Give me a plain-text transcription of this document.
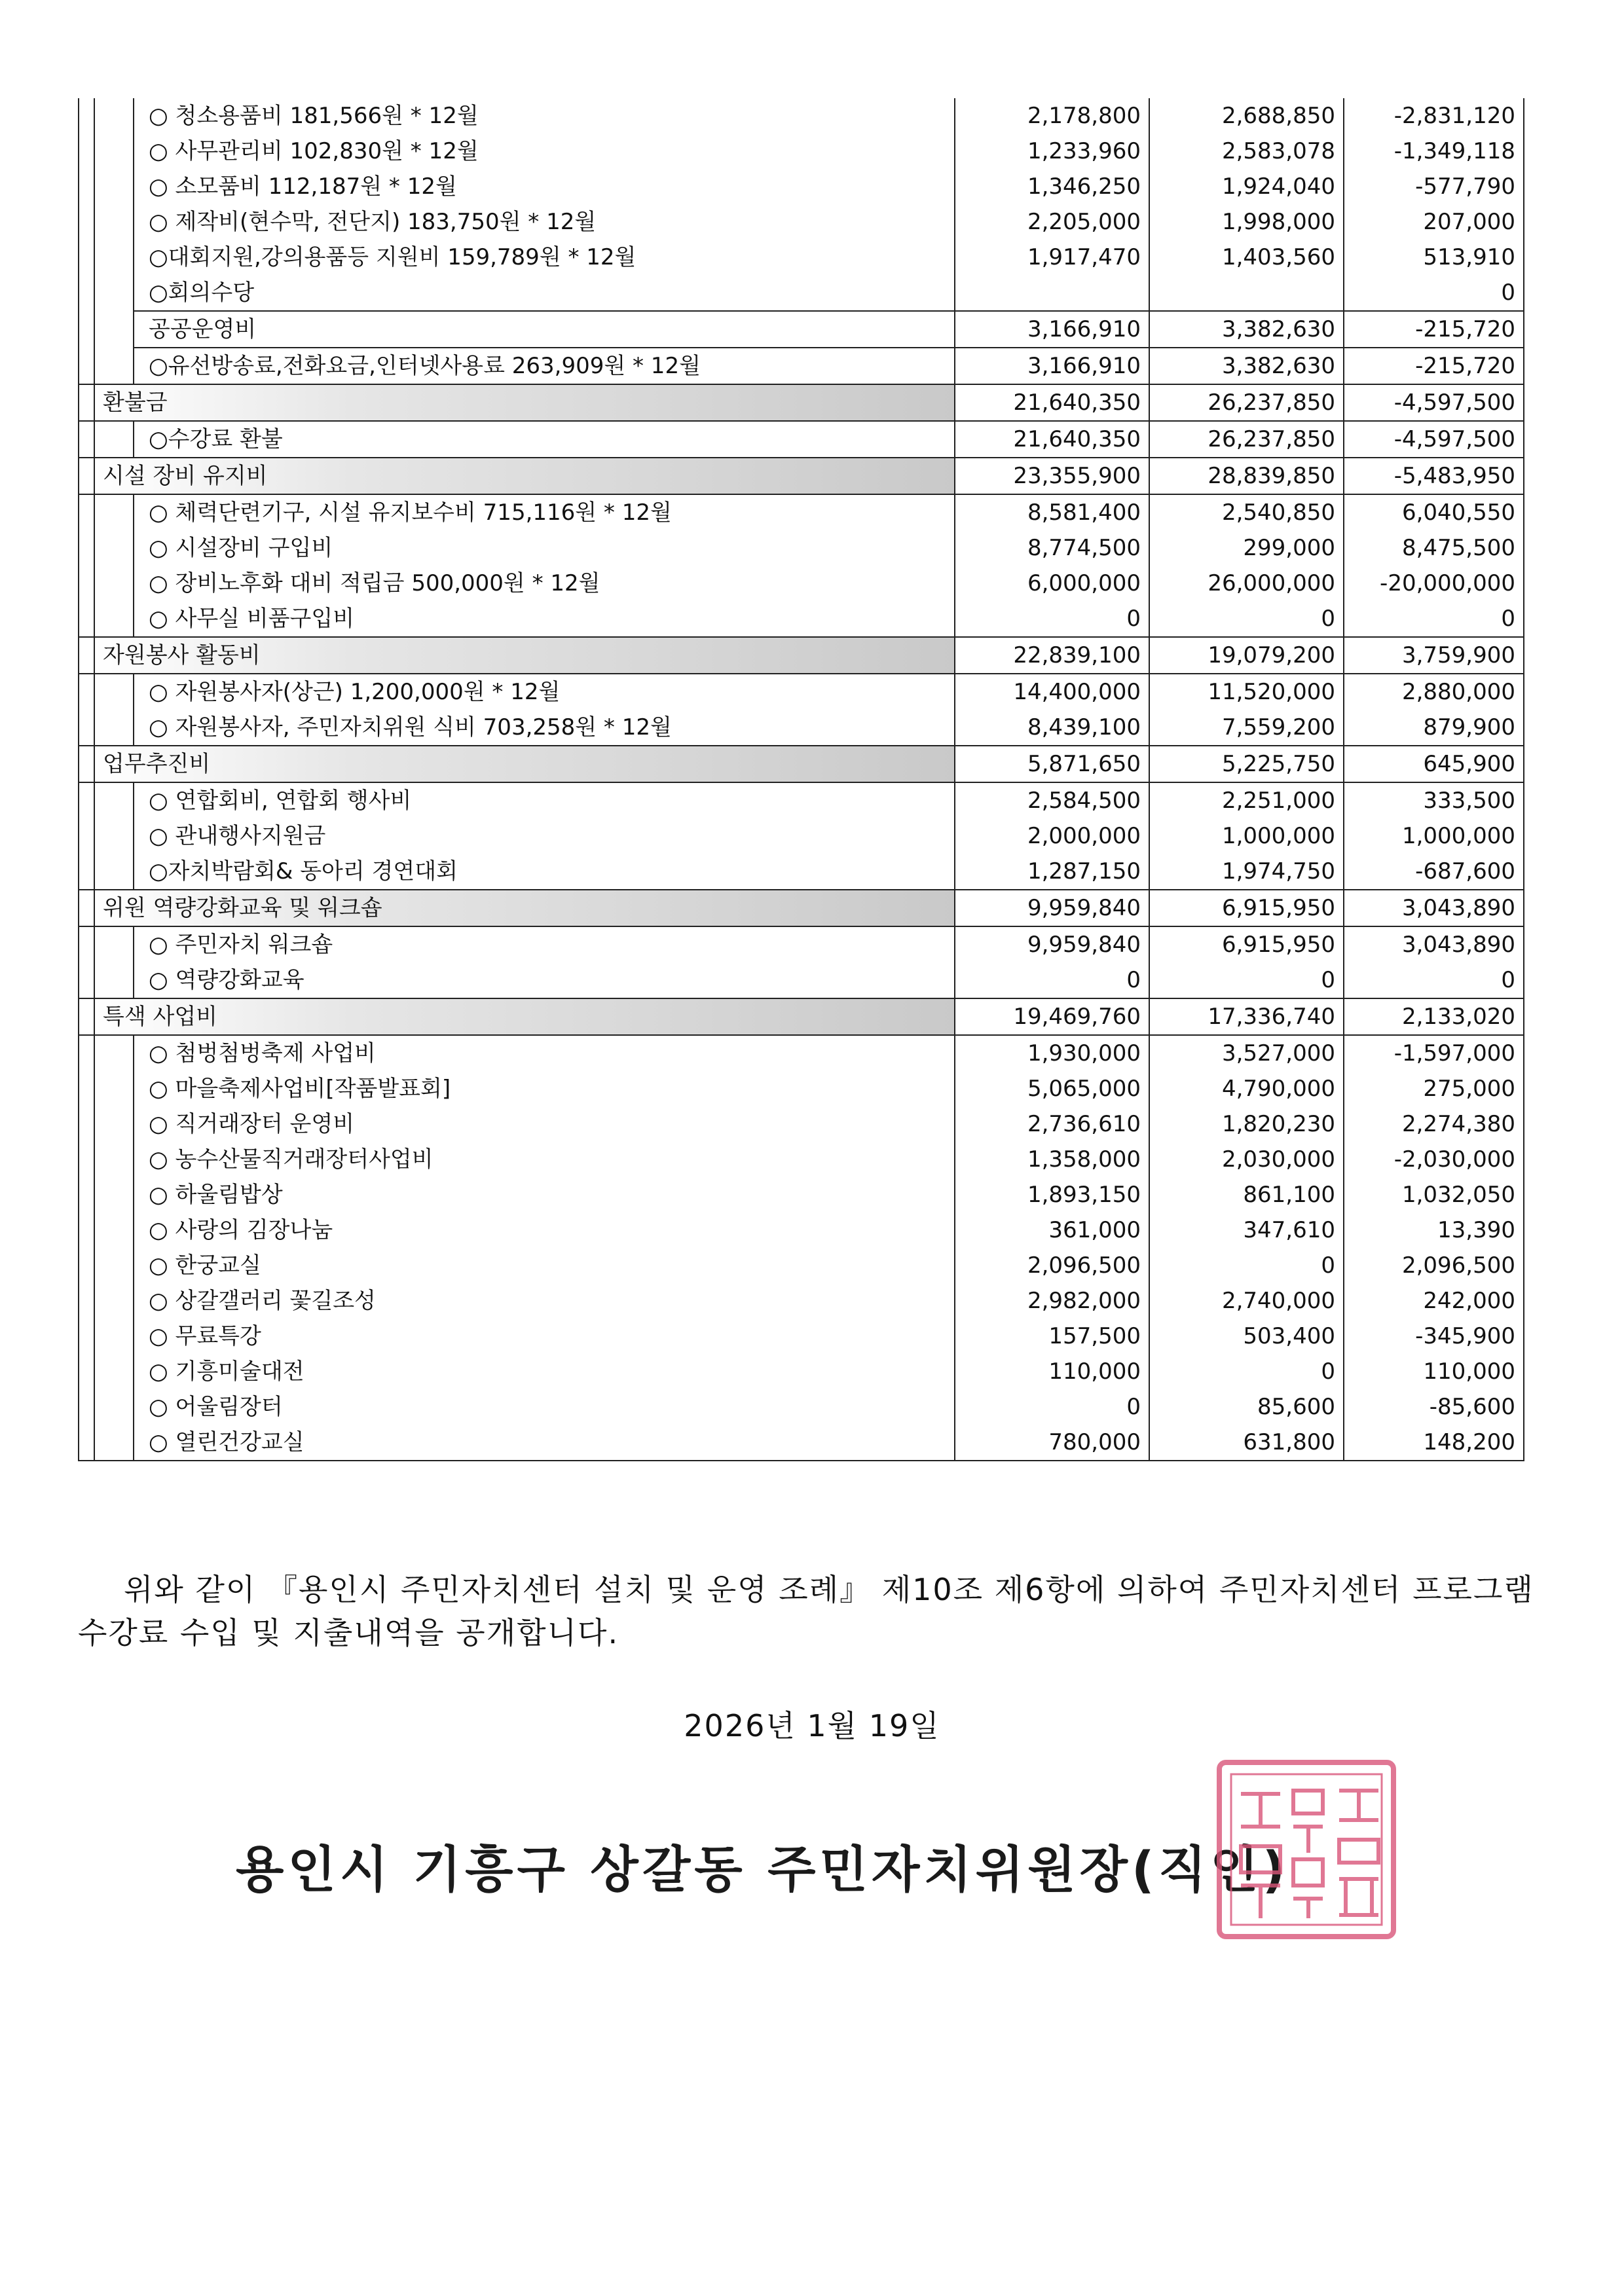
		○ 청소용품비 181,566원 * 12월	2,178,800	2,688,850	-2,831,120
		○ 사무관리비 102,830원 * 12월	1,233,960	2,583,078	-1,349,118
		○ 소모품비 112,187원 * 12월	1,346,250	1,924,040	-577,790
		○ 제작비(현수막, 전단지) 183,750원 * 12월	2,205,000	1,998,000	207,000
		○대회지원,강의용품등 지원비 159,789원 * 12월	1,917,470	1,403,560	513,910
		○회의수당			0
		공공운영비	3,166,910	3,382,630	-215,720
		○유선방송료,전화요금,인터넷사용료 263,909원 * 12월	3,166,910	3,382,630	-215,720
	환불금		21,640,350	26,237,850	-4,597,500
		○수강료 환불	21,640,350	26,237,850	-4,597,500
	시설 장비 유지비		23,355,900	28,839,850	-5,483,950
		○ 체력단련기구, 시설 유지보수비 715,116원 * 12월	8,581,400	2,540,850	6,040,550
		○ 시설장비 구입비	8,774,500	299,000	8,475,500
		○ 장비노후화 대비 적립금 500,000원 * 12월	6,000,000	26,000,000	-20,000,000
		○ 사무실 비품구입비	0	0	0
	자원봉사 활동비		22,839,100	19,079,200	3,759,900
		○ 자원봉사자(상근) 1,200,000원 * 12월	14,400,000	11,520,000	2,880,000
		○ 자원봉사자, 주민자치위원 식비 703,258원 * 12월	8,439,100	7,559,200	879,900
	업무추진비		5,871,650	5,225,750	645,900
		○ 연합회비, 연합회 행사비	2,584,500	2,251,000	333,500
		○ 관내행사지원금	2,000,000	1,000,000	1,000,000
		○자치박람회& 동아리 경연대회	1,287,150	1,974,750	-687,600
	위원 역량강화교육 및 워크숍		9,959,840	6,915,950	3,043,890
		○ 주민자치 워크숍	9,959,840	6,915,950	3,043,890
		○ 역량강화교육	0	0	0
	특색 사업비		19,469,760	17,336,740	2,133,020
		○ 첨벙첨벙축제 사업비	1,930,000	3,527,000	-1,597,000
		○ 마을축제사업비[작품발표회]	5,065,000	4,790,000	275,000
		○ 직거래장터 운영비	2,736,610	1,820,230	2,274,380
		○ 농수산물직거래장터사업비	1,358,000	2,030,000	-2,030,000
		○ 하울림밥상	1,893,150	861,100	1,032,050
		○ 사랑의 김장나눔	361,000	347,610	13,390
		○ 한궁교실	2,096,500	0	2,096,500
		○ 상갈갤러리 꽃길조성	2,982,000	2,740,000	242,000
		○ 무료특강	157,500	503,400	-345,900
		○ 기흥미술대전	110,000	0	110,000
		○ 어울림장터	0	85,600	-85,600
		○ 열린건강교실	780,000	631,800	148,200
위와 같이 『용인시 주민자치센터 설치 및 운영 조례』 제10조 제6항에 의하여 주민자치센터 프로그램 수강료 수입 및 지출내역을 공개합니다.
2026년 1월 19일
용인시 기흥구 상갈동 주민자치위원장(직인)
